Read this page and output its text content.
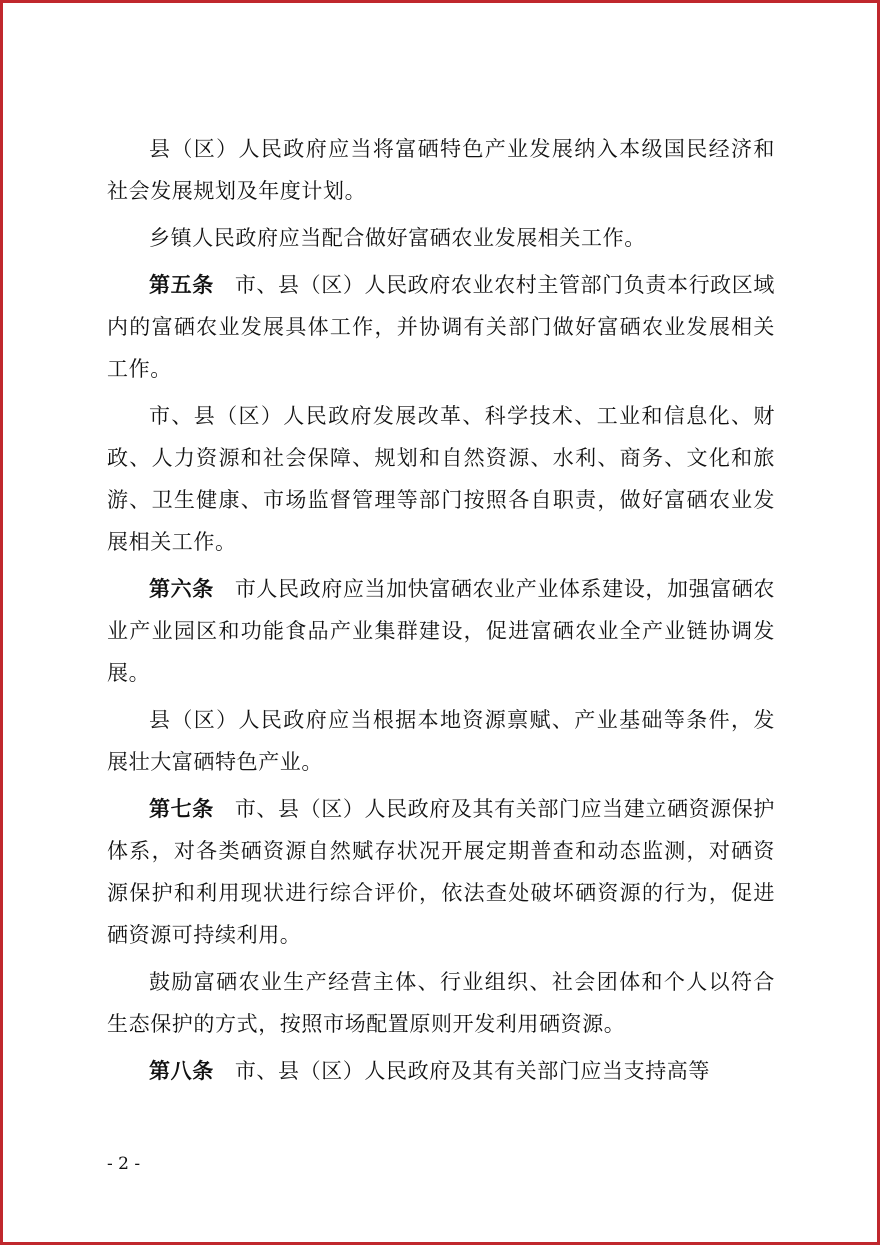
县（区）人民政府应当将富硒特色产业发展纳入本级国民经济和社会发展规划及年度计划。

乡镇人民政府应当配合做好富硒农业发展相关工作。

第五条 市、县（区）人民政府农业农村主管部门负责本行政区域内的富硒农业发展具体工作，并协调有关部门做好富硒农业发展相关工作。

市、县（区）人民政府发展改革、科学技术、工业和信息化、财政、人力资源和社会保障、规划和自然资源、水利、商务、文化和旅游、卫生健康、市场监督管理等部门按照各自职责，做好富硒农业发展相关工作。

第六条 市人民政府应当加快富硒农业产业体系建设，加强富硒农业产业园区和功能食品产业集群建设，促进富硒农业全产业链协调发展。

县（区）人民政府应当根据本地资源禀赋、产业基础等条件，发展壮大富硒特色产业。

第七条 市、县（区）人民政府及其有关部门应当建立硒资源保护体系，对各类硒资源自然赋存状况开展定期普查和动态监测，对硒资源保护和利用现状进行综合评价，依法查处破坏硒资源的行为，促进硒资源可持续利用。

鼓励富硒农业生产经营主体、行业组织、社会团体和个人以符合生态保护的方式，按照市场配置原则开发利用硒资源。

第八条 市、县（区）人民政府及其有关部门应当支持高等

- 2 -
